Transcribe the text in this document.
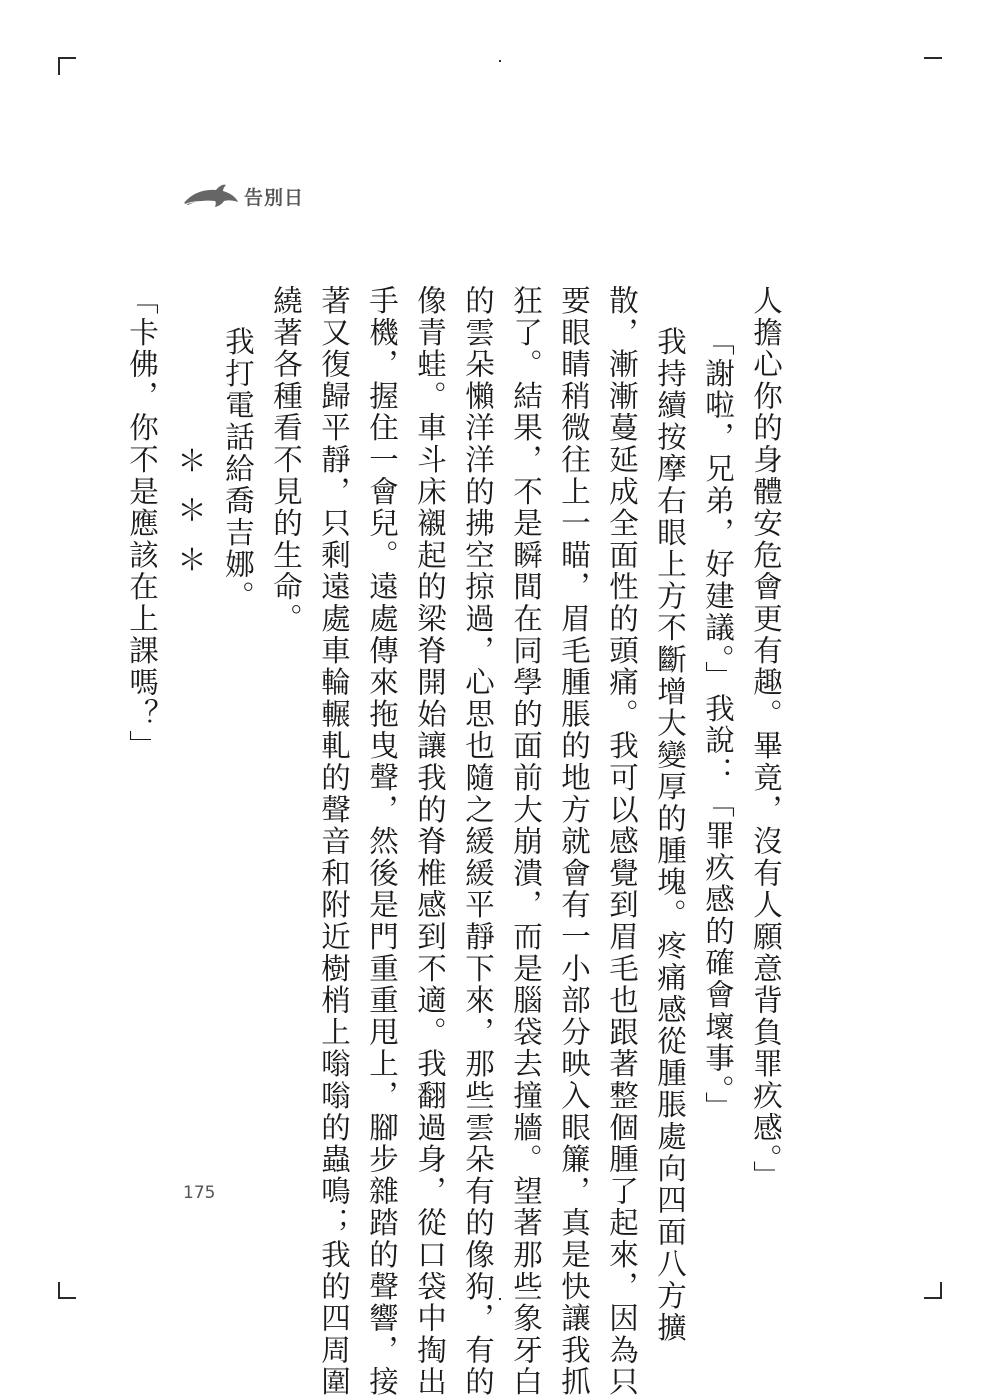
告別日
人擔心你的身體安危會更有趣。畢竟，沒有人願意背負罪疚感。」
「謝啦，兄弟，好建議。」我說：「罪疚感的確會壞事。」
我持續按摩右眼上方不斷增大變厚的腫塊。疼痛感從腫脹處向四面八方擴
散，漸漸蔓延成全面性的頭痛。我可以感覺到眉毛也跟著整個腫了起來，因為只
要眼睛稍微往上一瞄，眉毛腫脹的地方就會有一小部分映入眼簾，真是快讓我抓
狂了。結果，不是瞬間在同學的面前大崩潰，而是腦袋去撞牆。望著那些象牙白
的雲朵懶洋洋的拂空掠過，心思也隨之緩緩平靜下來，那些雲朵有的像狗，有的
像青蛙。車斗床襯起的梁脊開始讓我的脊椎感到不適。我翻過身，從口袋中掏出
手機，握住一會兒。遠處傳來拖曳聲，然後是門重重甩上，腳步雜踏的聲響，接
著又復歸平靜，只剩遠處車輪輾軋的聲音和附近樹梢上嗡嗡的蟲鳴；我的四周圍
繞著各種看不見的生命。
我打電話給喬吉娜。
＊＊＊
「卡佛，你不是應該在上課嗎？」
175
